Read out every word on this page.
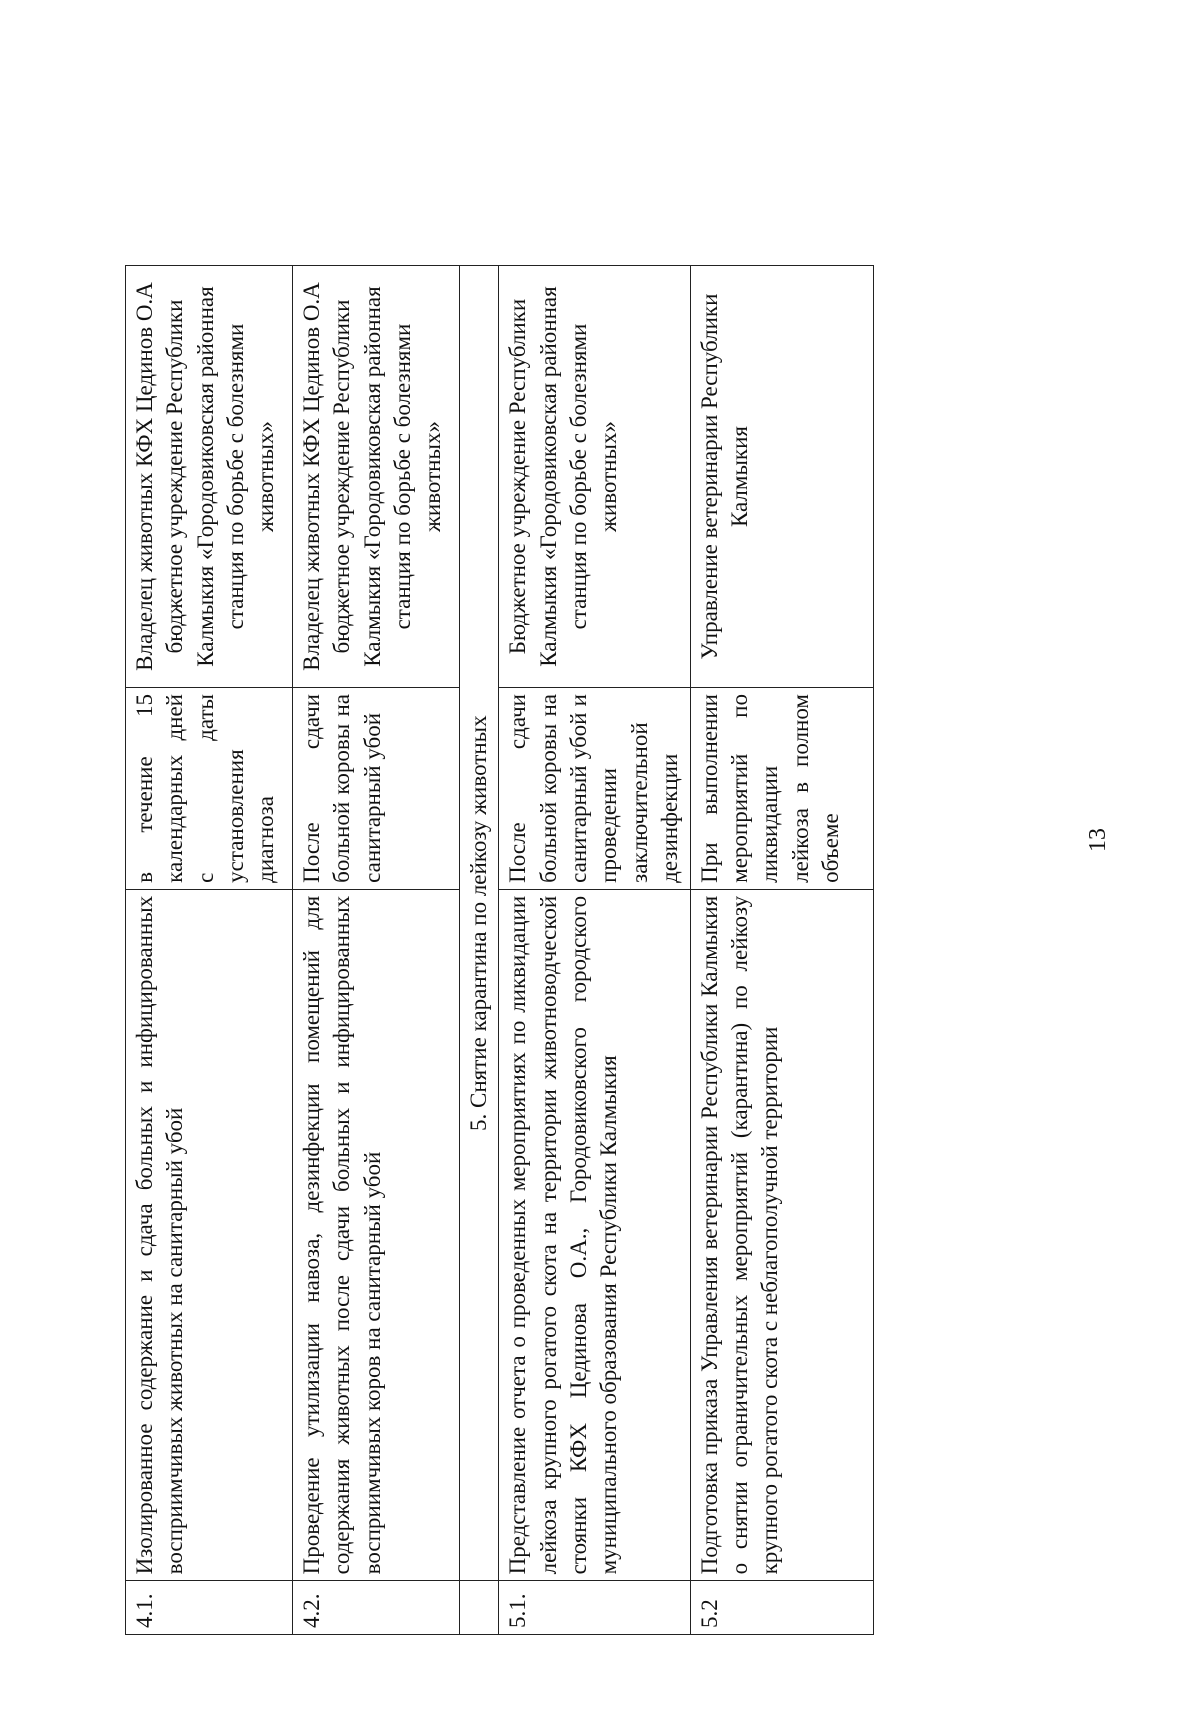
4.1.	Изолированное содержание и сдача больных и инфицированных восприимчивых животных на санитарный убой	в течение 15 календарных дней с даты установления диагноза	Владелец животных КФХ Цединов О.А бюджетное учреждение Республики Калмыкия «Городовиковская районная станция по борьбе с болезнями животных»
4.2.	Проведение утилизации навоза, дезинфекции помещений для содержания животных после сдачи больных и инфицированных восприимчивых коров на санитарный убой	После сдачи больной коровы на санитарный убой	Владелец животных КФХ Цединов О.А бюджетное учреждение Республики Калмыкия «Городовиковская районная станция по борьбе с болезнями животных»
	5. Снятие карантина по лейкозу животных		
5.1.	Представление отчета о проведенных мероприятиях по ликвидации лейкоза крупного рогатого скота на территории животноводческой стоянки КФХ Цединова О.А., Городовиковского городского муниципального образования Республики Калмыкия	После сдачи больной коровы на санитарный убой и проведении заключительной дезинфекции	Бюджетное учреждение Республики Калмыкия «Городовиковская районная станция по борьбе с болезнями животных»
5.2	Подготовка приказа Управления ветеринарии Республики Калмыкия о снятии ограничительных мероприятий (карантина) по лейкозу крупного рогатого скота с неблагополучной территории	При выполнении мероприятий по ликвидации лейкоза в полном объеме	Управление ветеринарии Республики Калмыкия
13
